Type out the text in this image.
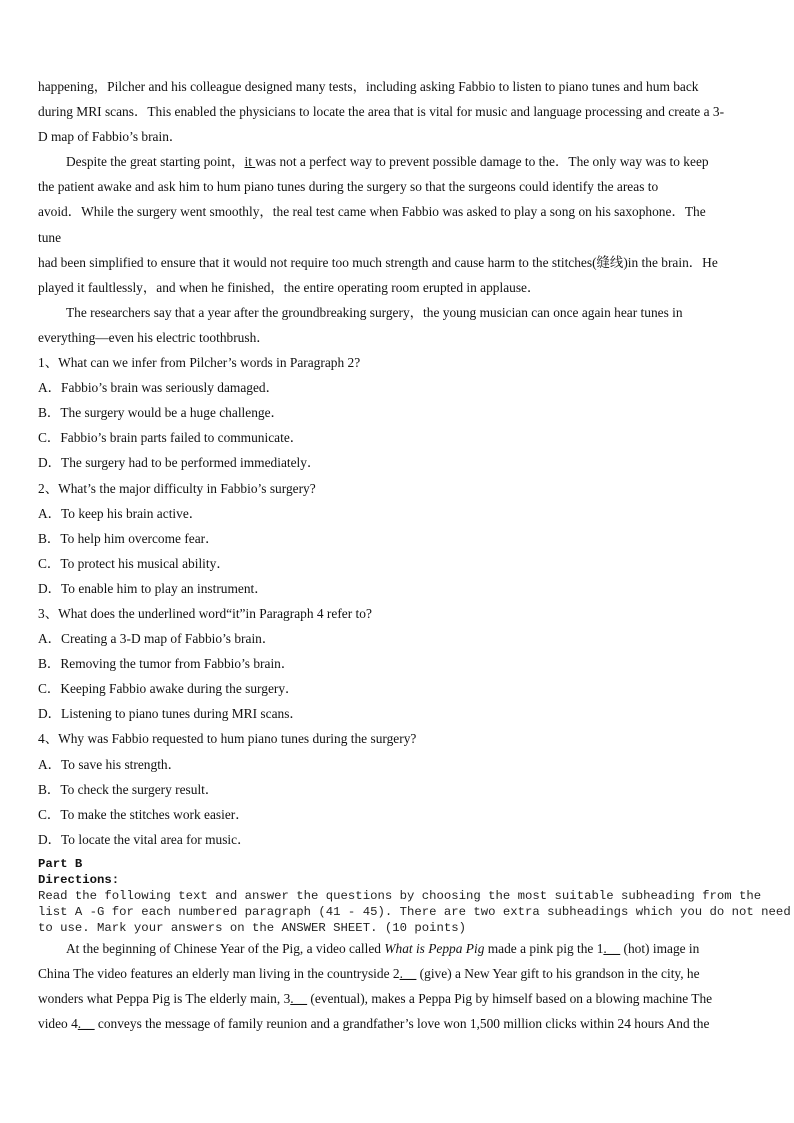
happening，Pilcher and his colleague designed many tests，including asking Fabbio to listen to piano tunes and hum back
during MRI scans．This enabled the physicians to locate the area that is vital for music and language processing and create a 3-
D map of Fabbio’s brain．
Despite the great starting point，it was not a perfect way to prevent possible damage to the．The only way was to keep
the patient awake and ask him to hum piano tunes during the surgery so that the surgeons could identify the areas to
avoid．While the surgery went smoothly，the real test came when Fabbio was asked to play a song on his saxophone．The
tune
had been simplified to ensure that it would not require too much strength and cause harm to the stitches(缝线)in the brain．He
played it faultlessly，and when he finished，the entire operating room erupted in applause．
The researchers say that a year after the groundbreaking surgery，the young musician can once again hear tunes in
everything—even his electric toothbrush．
1、What can we infer from Pilcher’s words in Paragraph 2?
A．Fabbio’s brain was seriously damaged．
B．The surgery would be a huge challenge．
C．Fabbio’s brain parts failed to communicate．
D．The surgery had to be performed immediately．
2、What’s the major difficulty in Fabbio’s surgery?
A．To keep his brain active．
B．To help him overcome fear．
C．To protect his musical ability．
D．To enable him to play an instrument．
3、What does the underlined word“it”in Paragraph 4 refer to?
A．Creating a 3-D map of Fabbio’s brain．
B．Removing the tumor from Fabbio’s brain．
C．Keeping Fabbio awake during the surgery．
D．Listening to piano tunes during MRI scans．
4、Why was Fabbio requested to hum piano tunes during the surgery?
A．To save his strength．
B．To check the surgery result．
C．To make the stitches work easier．
D．To locate the vital area for music．
Part B
Directions:
Read the following text and answer the questions by choosing the most suitable subheading from the
list A -G for each numbered paragraph (41 - 45). There are two extra subheadings which you do not need
to use. Mark your answers on the ANSWER SHEET. (10 points)
At the beginning of Chinese Year of the Pig, a video called What is Peppa Pig made a pink pig the 1.__ (hot) image in
China The video features an elderly man living in the countryside 2.__ (give) a New Year gift to his grandson in the city, he
wonders what Peppa Pig is The elderly main, 3.__ (eventual), makes a Peppa Pig by himself based on a blowing machine The
video 4.__ conveys the message of family reunion and a grandfather’s love won 1,500 million clicks within 24 hours And the
